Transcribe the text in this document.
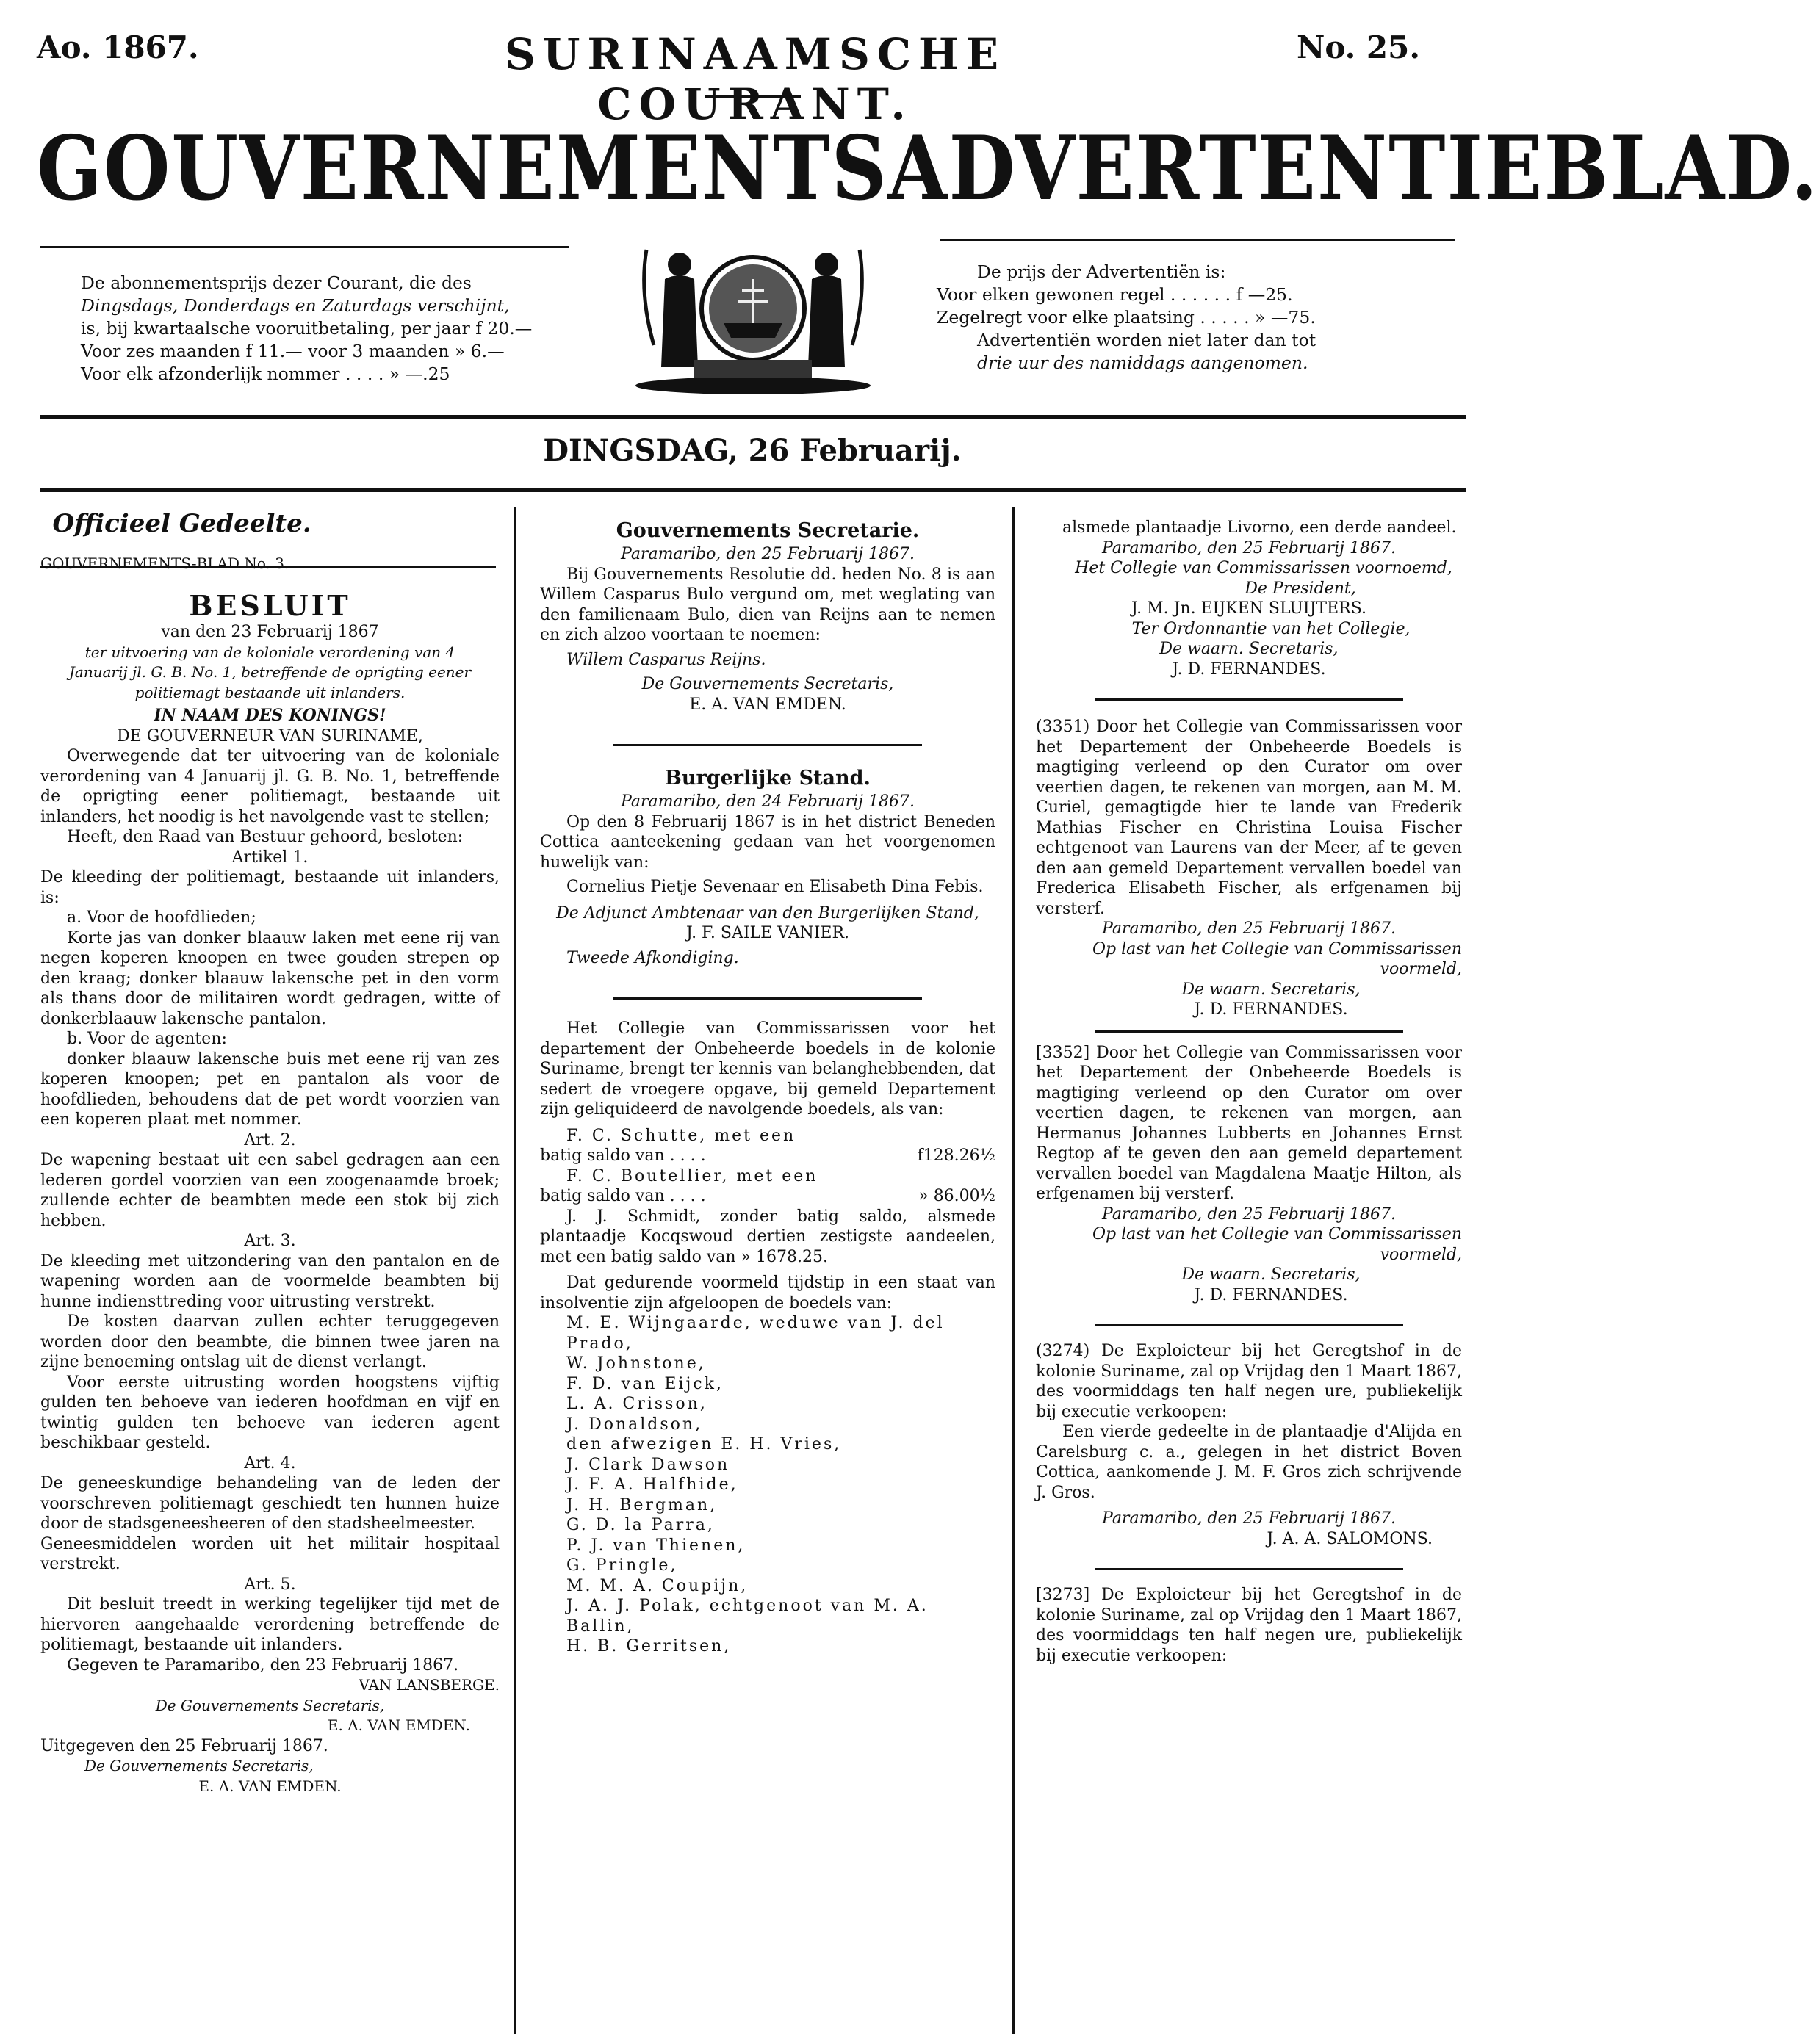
Ao. 1867.	SURINAAMSCHE COURANT.
No. 25.
GOUVERNEMENTS ADVERTENTIE BLAD.
De abonnementsprijs dezer Courant, die des
Dingsdags, Donderdags en Zaturdags verschijnt,
is, bij kwartaalsche vooruitbetaling, per jaar f 20.—
Voor zes maanden f 11.— voor 3 maanden » 6.—
Voor elk afzonderlijk nommer . . . . » —.25
De prijs der Advertentiën is:
Voor elken gewonen regel . . . . . . f —25.
Zegelregt voor elke plaatsing . . . . . » —75.
Advertentiën worden niet later dan tot
drie uur des namiddags aangenomen.
DINGSDAG, 26 Februarij.

Officieel Gedeelte.

GOUVERNEMENTS-BLAD No. 3.

BESLUIT

van den 23 Februarij 1867

ter uitvoering van de koloniale verordening van 4 Januarij jl. G. B. No. 1, betreffende de oprigting eener politiemagt bestaande uit inlanders.

IN NAAM DES KONINGS!

DE GOUVERNEUR VAN SURINAME,

Overwegende dat ter uitvoering van de koloniale verordening van 4 Januarij jl. G. B. No. 1, betreffende de oprigting eener politiemagt, bestaande uit inlanders, het noodig is het navolgende vast te stellen;

Heeft, den Raad van Bestuur gehoord, besloten:

Artikel 1.

De kleeding der politiemagt, bestaande uit inlanders, is:

a. Voor de hoofdlieden;

Korte jas van donker blaauw laken met eene rij van negen koperen knoopen en twee gouden strepen op den kraag; donker blaauw lakensche pet in den vorm als thans door de militairen wordt gedragen, witte of donkerblaauw lakensche pantalon.

b. Voor de agenten:

donker blaauw lakensche buis met eene rij van zes koperen knoopen; pet en pantalon als voor de hoofdlieden, behoudens dat de pet wordt voorzien van een koperen plaat met nommer.

Art. 2.

De wapening bestaat uit een sabel gedragen aan een lederen gordel voorzien van een zoogenaamde broek; zullende echter de beambten mede een stok bij zich hebben.

Art. 3.

De kleeding met uitzondering van den pantalon en de wapening worden aan de voormelde beambten bij hunne indiensttreding voor uitrusting verstrekt.

De kosten daarvan zullen echter teruggegeven worden door den beambte, die binnen twee jaren na zijne benoeming ontslag uit de dienst verlangt.

Voor eerste uitrusting worden hoogstens vijftig gulden ten behoeve van iederen hoofdman en vijf en twintig gulden ten behoeve van iederen agent beschikbaar gesteld.

Art. 4.

De geneeskundige behandeling van de leden der voorschreven politiemagt geschiedt ten hunnen huize door de stadsgeneesheeren of den stadsheelmeester.

Geneesmiddelen worden uit het militair hospitaal verstrekt.

Art. 5.

Dit besluit treedt in werking tegelijker tijd met de hiervoren aangehaalde verordening betreffende de politiemagt, bestaande uit inlanders.

Gegeven te Paramaribo, den 23 Februarij 1867.

VAN LANSBERGE.

De Gouvernements Secretaris,

E. A. VAN EMDEN.

Uitgegeven den 25 Februarij 1867.

De Gouvernements Secretaris,

E. A. VAN EMDEN.

Gouvernements Secretarie.

Paramaribo, den 25 Februarij 1867.

Bij Gouvernements Resolutie dd. heden No. 8 is aan Willem Casparus Bulo vergund om, met weglating van den familienaam Bulo, dien van Reijns aan te nemen en zich alzoo voortaan te noemen:

Willem Casparus Reijns.

De Gouvernements Secretaris,

E. A. VAN EMDEN.

Burgerlijke Stand.

Paramaribo, den 24 Februarij 1867.

Op den 8 Februarij 1867 is in het district Beneden Cottica aanteekening gedaan van het voorgenomen huwelijk van:

Cornelius Pietje Sevenaar en Elisabeth Dina Febis.

De Adjunct Ambtenaar van den Burgerlijken Stand,

J. F. SAILE VANIER.

Tweede Afkondiging.

Het Collegie van Commissarissen voor het departement der Onbeheerde boedels in de kolonie Suriname, brengt ter kennis van belanghebbenden, dat sedert de vroegere opgave, bij gemeld Departement zijn geliquideerd de navolgende boedels, als van:

F. C. Schutte, met een

batig saldo van . . . .	f128.26½

F. C. Boutellier, met een

batig saldo van . . . .	» 86.00½

J. J. Schmidt, zonder batig saldo, alsmede plantaadje Kocqswoud dertien zestigste aandeelen, met een batig saldo van » 1678.25.

Dat gedurende voormeld tijdstip in een staat van insolventie zijn afgeloopen de boedels van:

M. E. Wijngaarde, weduwe van J. del Prado,

W. Johnstone,

F. D. van Eijck,

L. A. Crisson,

J. Donaldson,

den afwezigen E. H. Vries,

J. Clark Dawson

J. F. A. Halfhide,

J. H. Bergman,

G. D. la Parra,

P. J. van Thienen,

G. Pringle,

M. M. A. Coupijn,

J. A. J. Polak, echtgenoot van M. A. Ballin,

H. B. Gerritsen,

alsmede plantaadje Livorno, een derde aandeel.

Paramaribo, den 25 Februarij 1867.

Het Collegie van Commissarissen voornoemd,

De President,

J. M. Jn. EIJKEN SLUIJTERS.

Ter Ordonnantie van het Collegie,

De waarn. Secretaris,

J. D. FERNANDES.

(3351) Door het Collegie van Commissarissen voor het Departement der Onbeheerde Boedels is magtiging verleend op den Curator om over veertien dagen, te rekenen van morgen, aan M. M. Curiel, gemagtigde hier te lande van Frederik Mathias Fischer en Christina Louisa Fischer echtgenoot van Laurens van der Meer, af te geven den aan gemeld Departement vervallen boedel van Frederica Elisabeth Fischer, als erfgenamen bij versterf.

Paramaribo, den 25 Februarij 1867.

Op last van het Collegie van Commissarissen voormeld,

De waarn. Secretaris,

J. D. FERNANDES.

[3352] Door het Collegie van Commissarissen voor het Departement der Onbeheerde Boedels is magtiging verleend op den Curator om over veertien dagen, te rekenen van morgen, aan Hermanus Johannes Lubberts en Johannes Ernst Regtop af te geven den aan gemeld departement vervallen boedel van Magdalena Maatje Hilton, als erfgenamen bij versterf.

Paramaribo, den 25 Februarij 1867.

Op last van het Collegie van Commissarissen voormeld,

De waarn. Secretaris,

J. D. FERNANDES.

(3274) De Exploicteur bij het Geregtshof in de kolonie Suriname, zal op Vrijdag den 1 Maart 1867, des voormiddags ten half negen ure, publiekelijk bij executie verkoopen:

Een vierde gedeelte in de plantaadje d'Alijda en Carelsburg c. a., gelegen in het district Boven Cottica, aankomende J. M. F. Gros zich schrijvende J. Gros.

Paramaribo, den 25 Februarij 1867.

J. A. A. SALOMONS.

[3273] De Exploicteur bij het Geregtshof in de kolonie Suriname, zal op Vrijdag den 1 Maart 1867, des voormiddags ten half negen ure, publiekelijk bij executie verkoopen:
